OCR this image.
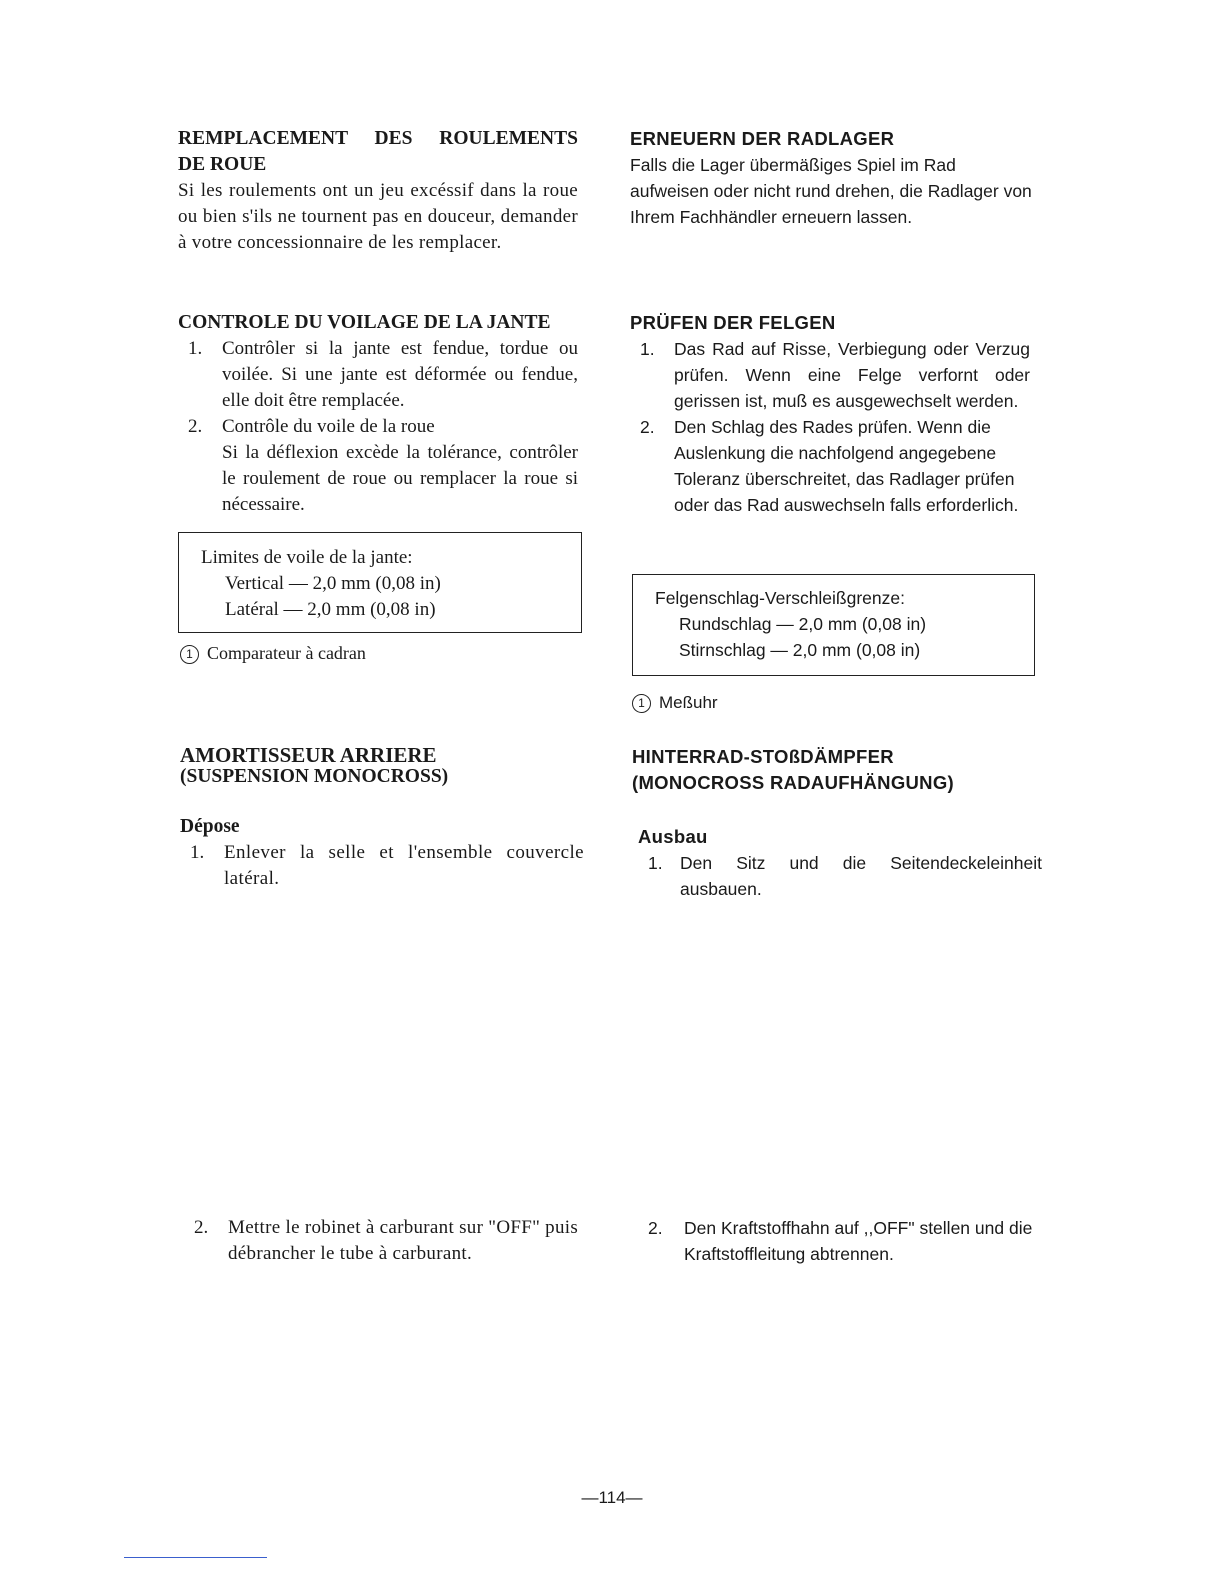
REMPLACEMENT DES ROULEMENTS
DE ROUE

Si les roulements ont un jeu excéssif dans la roue ou bien s'ils ne tournent pas en douceur, demander à votre concessionnaire de les remplacer.

CONTROLE DU VOILAGE DE LA JANTE
1. Contrôler si la jante est fendue, tordue ou voilée. Si une jante est déformée ou fendue, elle doit être remplacée.

2. Contrôle du voile de la roue

Si la déflexion excède la tolérance, contrôler le roulement de roue ou remplacer la roue si nécessaire.

Limites de voile de la jante:
Vertical — 2,0 mm (0,08 in)
Latéral — 2,0 mm (0,08 in)
1 Comparateur à cadran
AMORTISSEUR ARRIERE
(SUSPENSION MONOCROSS)
Dépose
1. Enlever la selle et l'ensemble couvercle latéral.

2. Mettre le robinet à carburant sur "OFF" puis débrancher le tube à carburant.

ERNEUERN DER RADLAGER

Falls die Lager übermäßiges Spiel im Rad aufweisen oder nicht rund drehen, die Radlager von Ihrem Fachhändler erneuern lassen.

PRÜFEN DER FELGEN
1. Das Rad auf Risse, Verbiegung oder Verzug prüfen. Wenn eine Felge verfornt oder gerissen ist, muß es ausgewechselt werden.

2. Den Schlag des Rades prüfen. Wenn die Auslenkung die nachfolgend angegebene Toleranz überschreitet, das Radlager prüfen oder das Rad auswechseln falls erforderlich.

Felgenschlag-Verschleißgrenze:
Rundschlag — 2,0 mm (0,08 in)
Stirnschlag — 2,0 mm (0,08 in)
1 Meßuhr
HINTERRAD-STOßDÄMPFER
(MONOCROSS RADAUFHÄNGUNG)
Ausbau
1. Den Sitz und die Seitendeckeleinheit ausbauen.

2. Den Kraftstoffhahn auf ,,OFF" stellen und die Kraftstoffleitung abtrennen.

—114—
